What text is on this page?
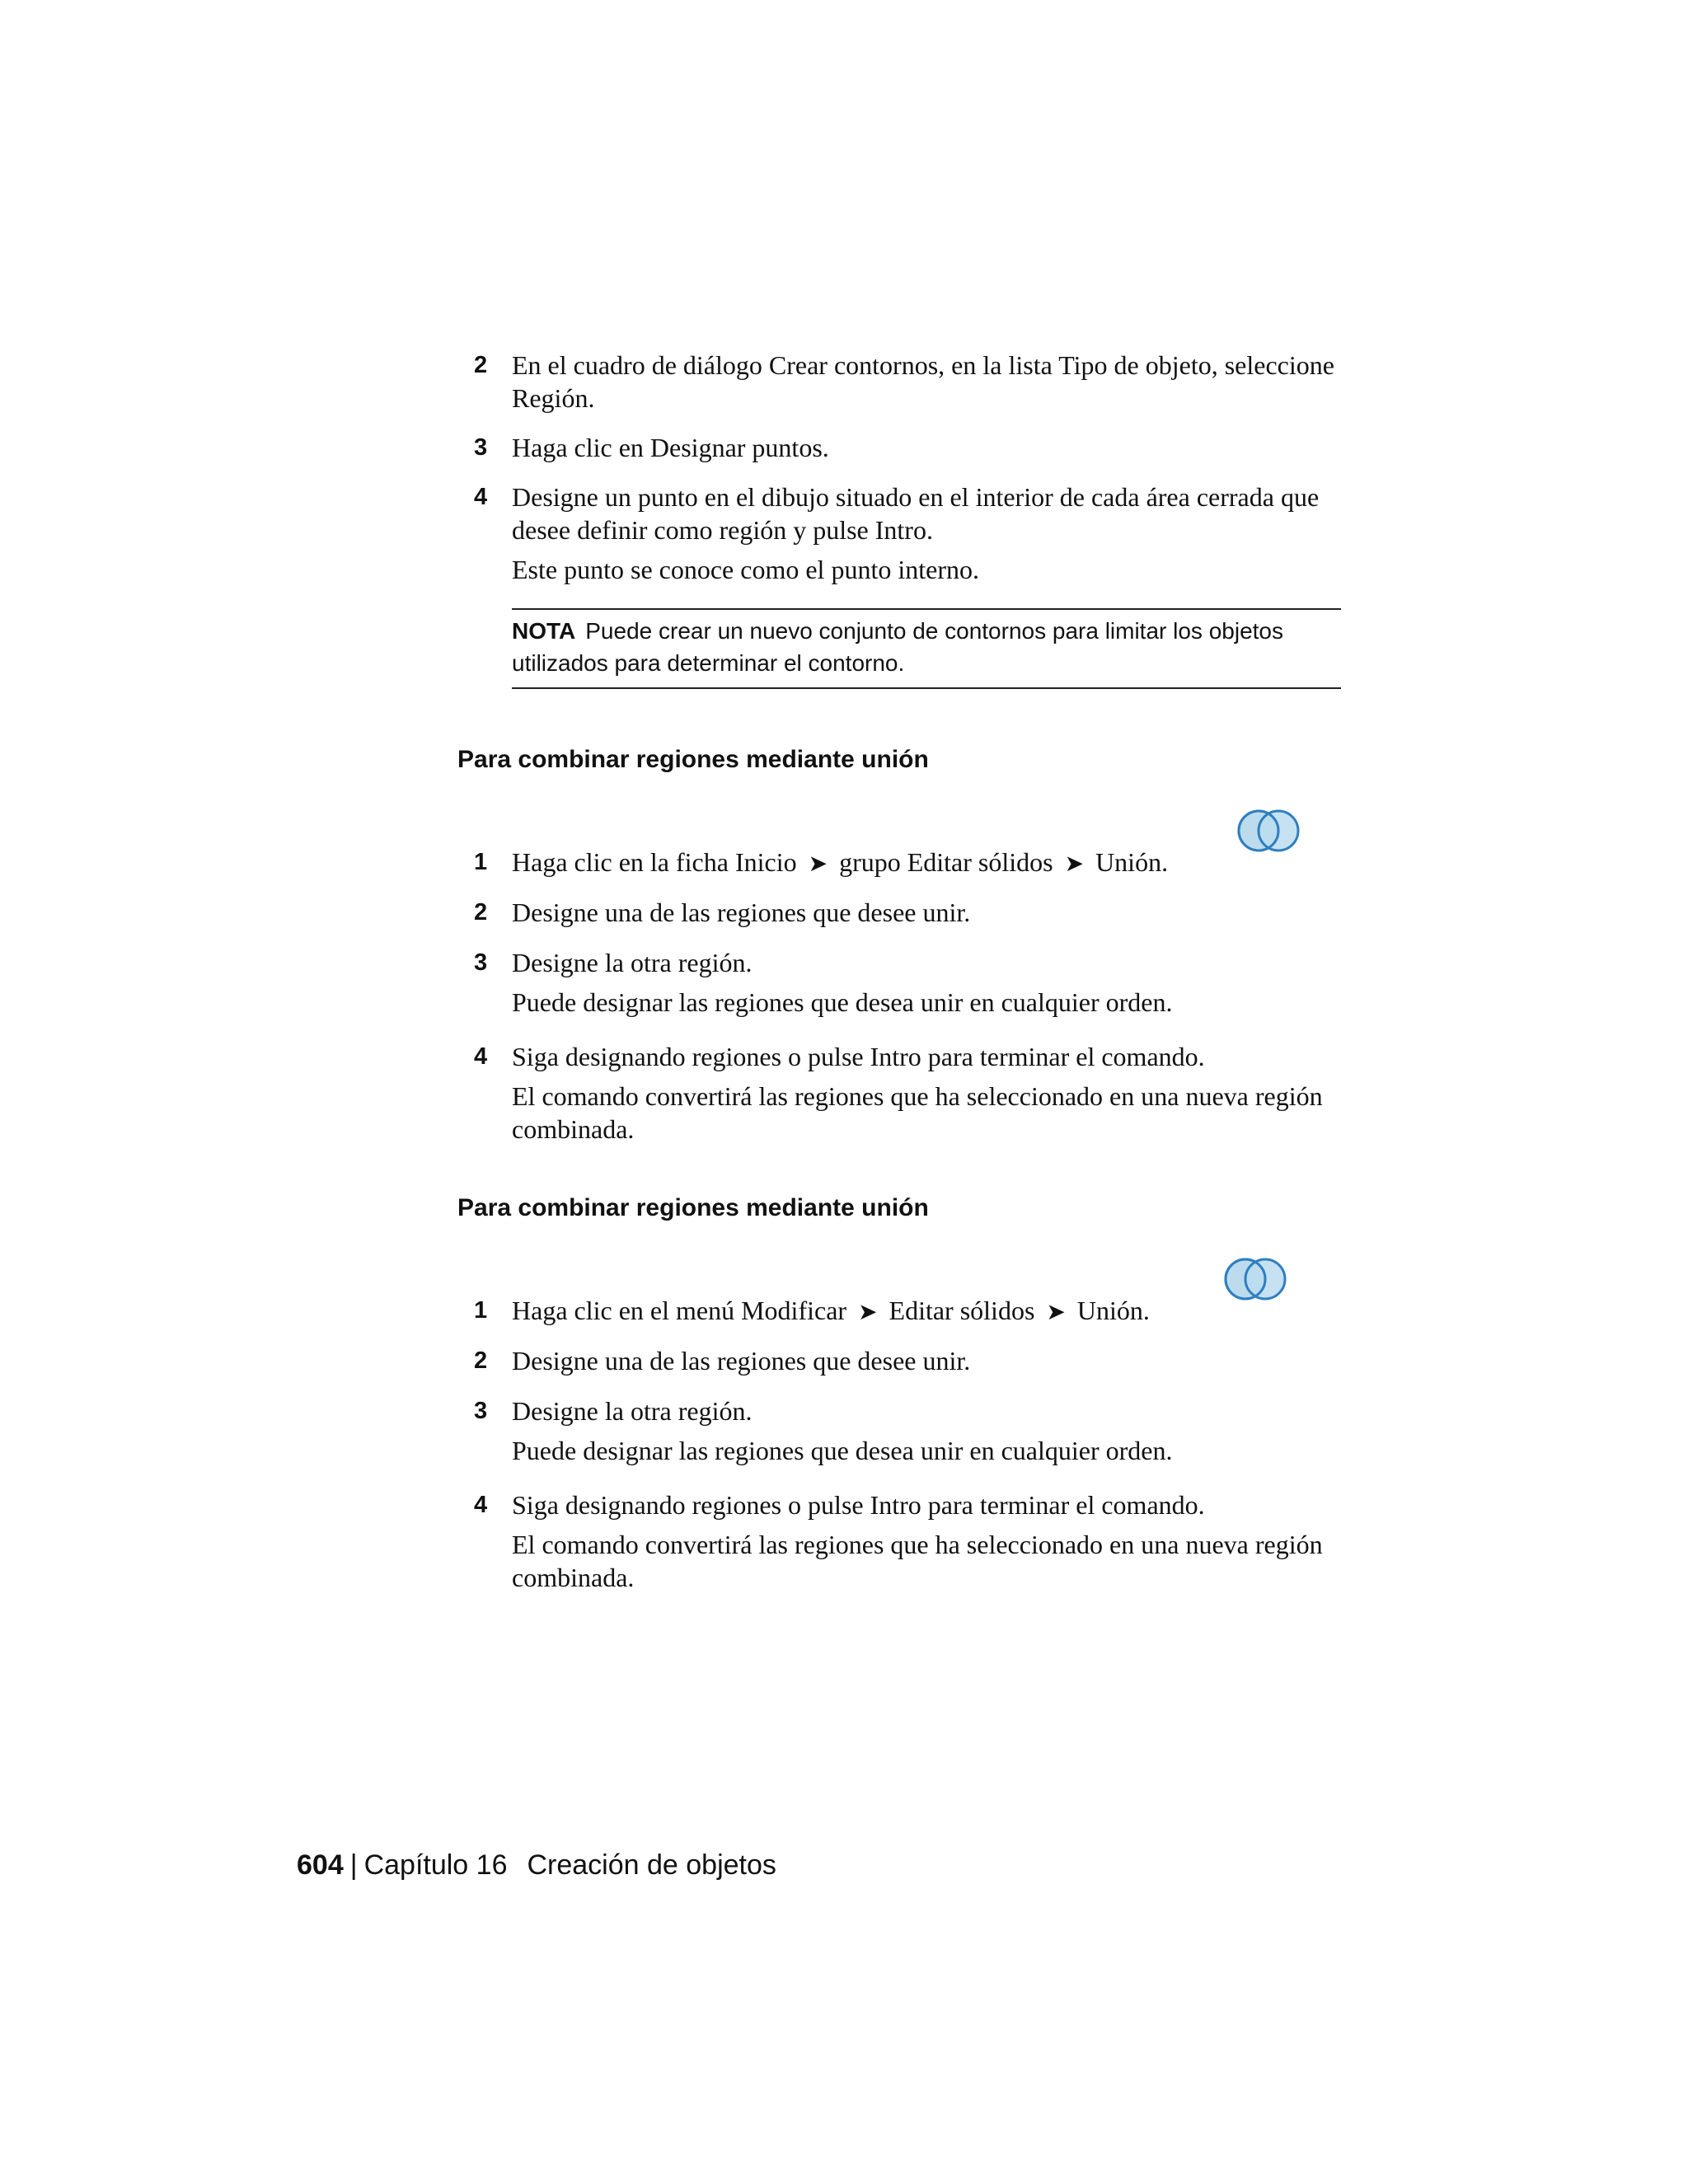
2 En el cuadro de diálogo Crear contornos, en la lista Tipo de objeto, seleccione Región.
3 Haga clic en Designar puntos.
4 Designe un punto en el dibujo situado en el interior de cada área cerrada que desee definir como región y pulse Intro.
Este punto se conoce como el punto interno.
NOTA Puede crear un nuevo conjunto de contornos para limitar los objetos utilizados para determinar el contorno.
Para combinar regiones mediante unión
1 Haga clic en la ficha Inicio ➤ grupo Editar sólidos ➤ Unión.
2 Designe una de las regiones que desee unir.
3 Designe la otra región.
Puede designar las regiones que desea unir en cualquier orden.
4 Siga designando regiones o pulse Intro para terminar el comando.
El comando convertirá las regiones que ha seleccionado en una nueva región combinada.
Para combinar regiones mediante unión
1 Haga clic en el menú Modificar ➤ Editar sólidos ➤ Unión.
2 Designe una de las regiones que desee unir.
3 Designe la otra región.
Puede designar las regiones que desea unir en cualquier orden.
4 Siga designando regiones o pulse Intro para terminar el comando.
El comando convertirá las regiones que ha seleccionado en una nueva región combinada.
604 | Capítulo 16 Creación de objetos
